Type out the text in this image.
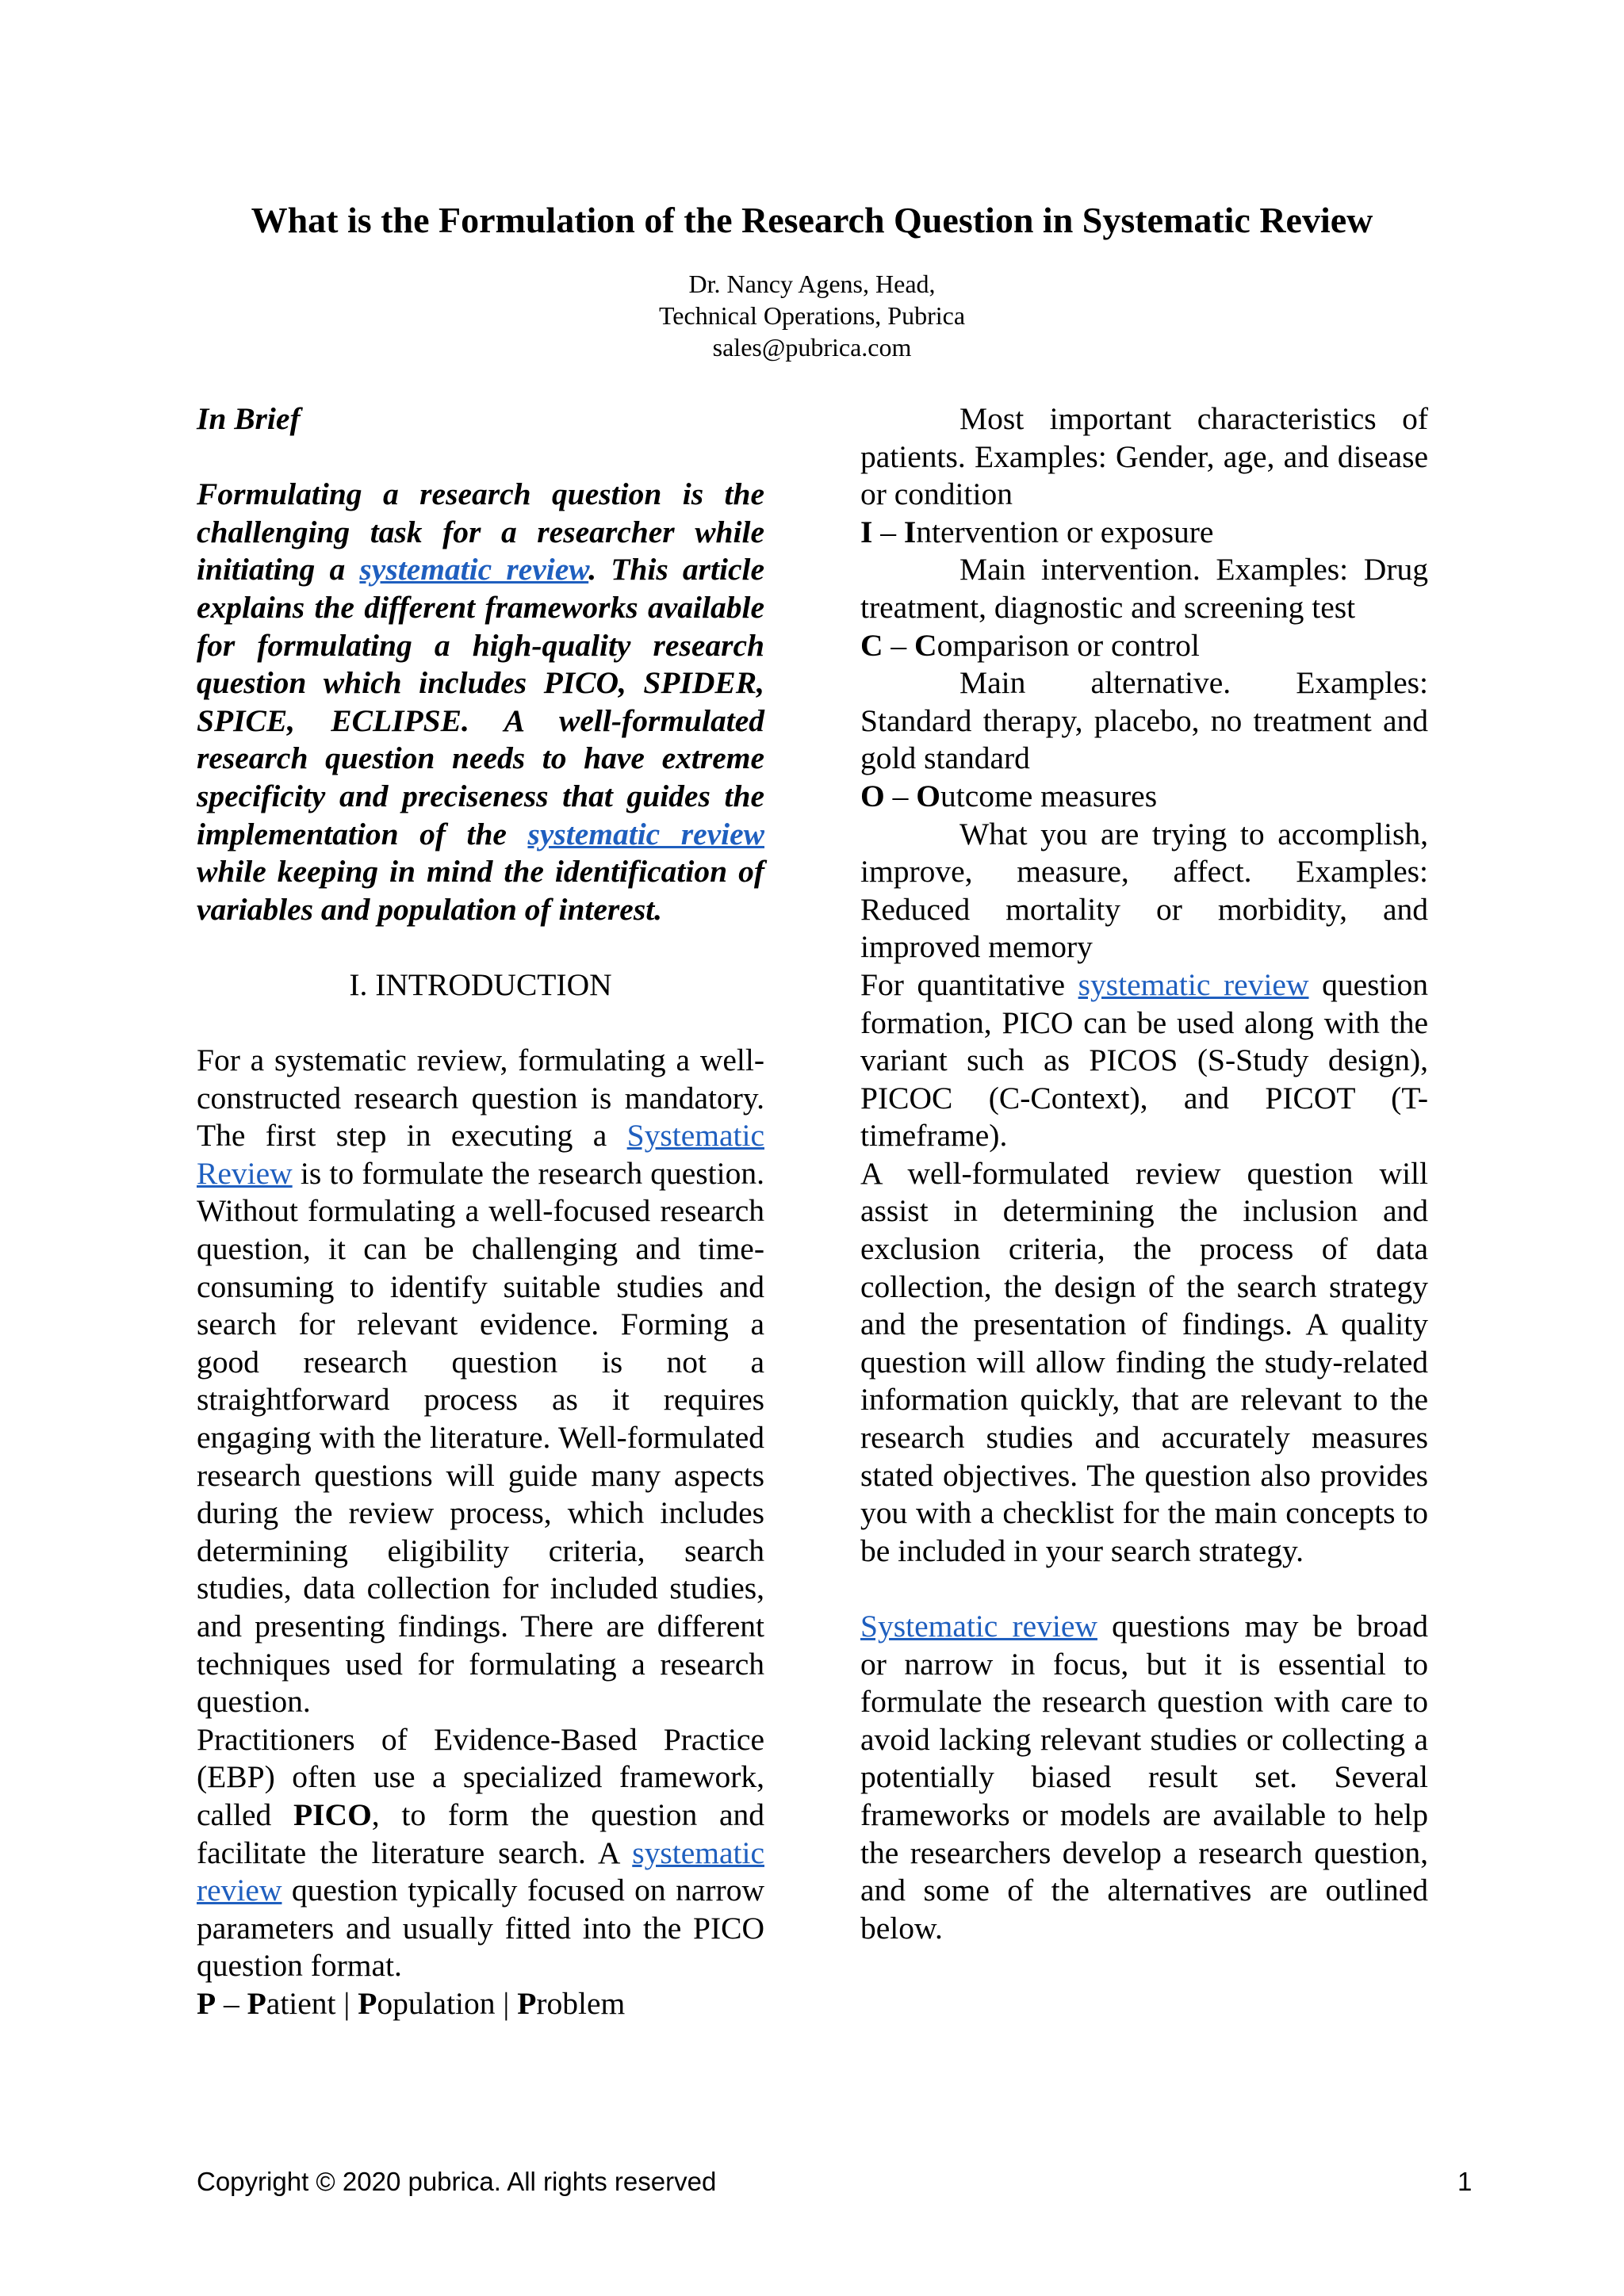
What is the Formulation of the Research Question in Systematic Review
Dr. Nancy Agens, Head,
Technical Operations, Pubrica
sales@pubrica.com

In Brief

Formulating a research question is the challenging task for a researcher while initiating a systematic review. This article explains the different frameworks available for formulating a high-quality research question which includes PICO, SPIDER, SPICE, ECLIPSE. A well-formulated research question needs to have extreme specificity and preciseness that guides the implementation of the systematic review while keeping in mind the identification of variables and population of interest.

I. INTRODUCTION

For a systematic review, formulating a well-constructed research question is mandatory. The first step in executing a Systematic Review is to formulate the research question. Without formulating a well-focused research question, it can be challenging and time-consuming to identify suitable studies and search for relevant evidence. Forming a good research question is not a straightforward process as it requires engaging with the literature. Well-formulated research questions will guide many aspects during the review process, which includes determining eligibility criteria, search studies, data collection for included studies, and presenting findings. There are different techniques used for formulating a research question.

Practitioners of Evidence-Based Practice (EBP) often use a specialized framework, called PICO, to form the question and facilitate the literature search. A systematic review question typically focused on narrow parameters and usually fitted into the PICO question format.

P – Patient | Population | Problem

Most important characteristics of patients. Examples: Gender, age, and disease or condition

I – Intervention or exposure

Main intervention. Examples: Drug treatment, diagnostic and screening test

C – Comparison or control

Main alternative. Examples: Standard therapy, placebo, no treatment and gold standard

O – Outcome measures

What you are trying to accomplish, improve, measure, affect. Examples: Reduced mortality or morbidity, and improved memory

For quantitative systematic review question formation, PICO can be used along with the variant such as PICOS (S-Study design), PICOC (C-Context), and PICOT (T-timeframe).

A well-formulated review question will assist in determining the inclusion and exclusion criteria, the process of data collection, the design of the search strategy and the presentation of findings. A quality question will allow finding the study-related information quickly, that are relevant to the research studies and accurately measures stated objectives. The question also provides you with a checklist for the main concepts to be included in your search strategy.

Systematic review questions may be broad or narrow in focus, but it is essential to formulate the research question with care to avoid lacking relevant studies or collecting a potentially biased result set. Several frameworks or models are available to help the researchers develop a research question, and some of the alternatives are outlined below.

Copyright © 2020 pubrica. All rights reserved	1
